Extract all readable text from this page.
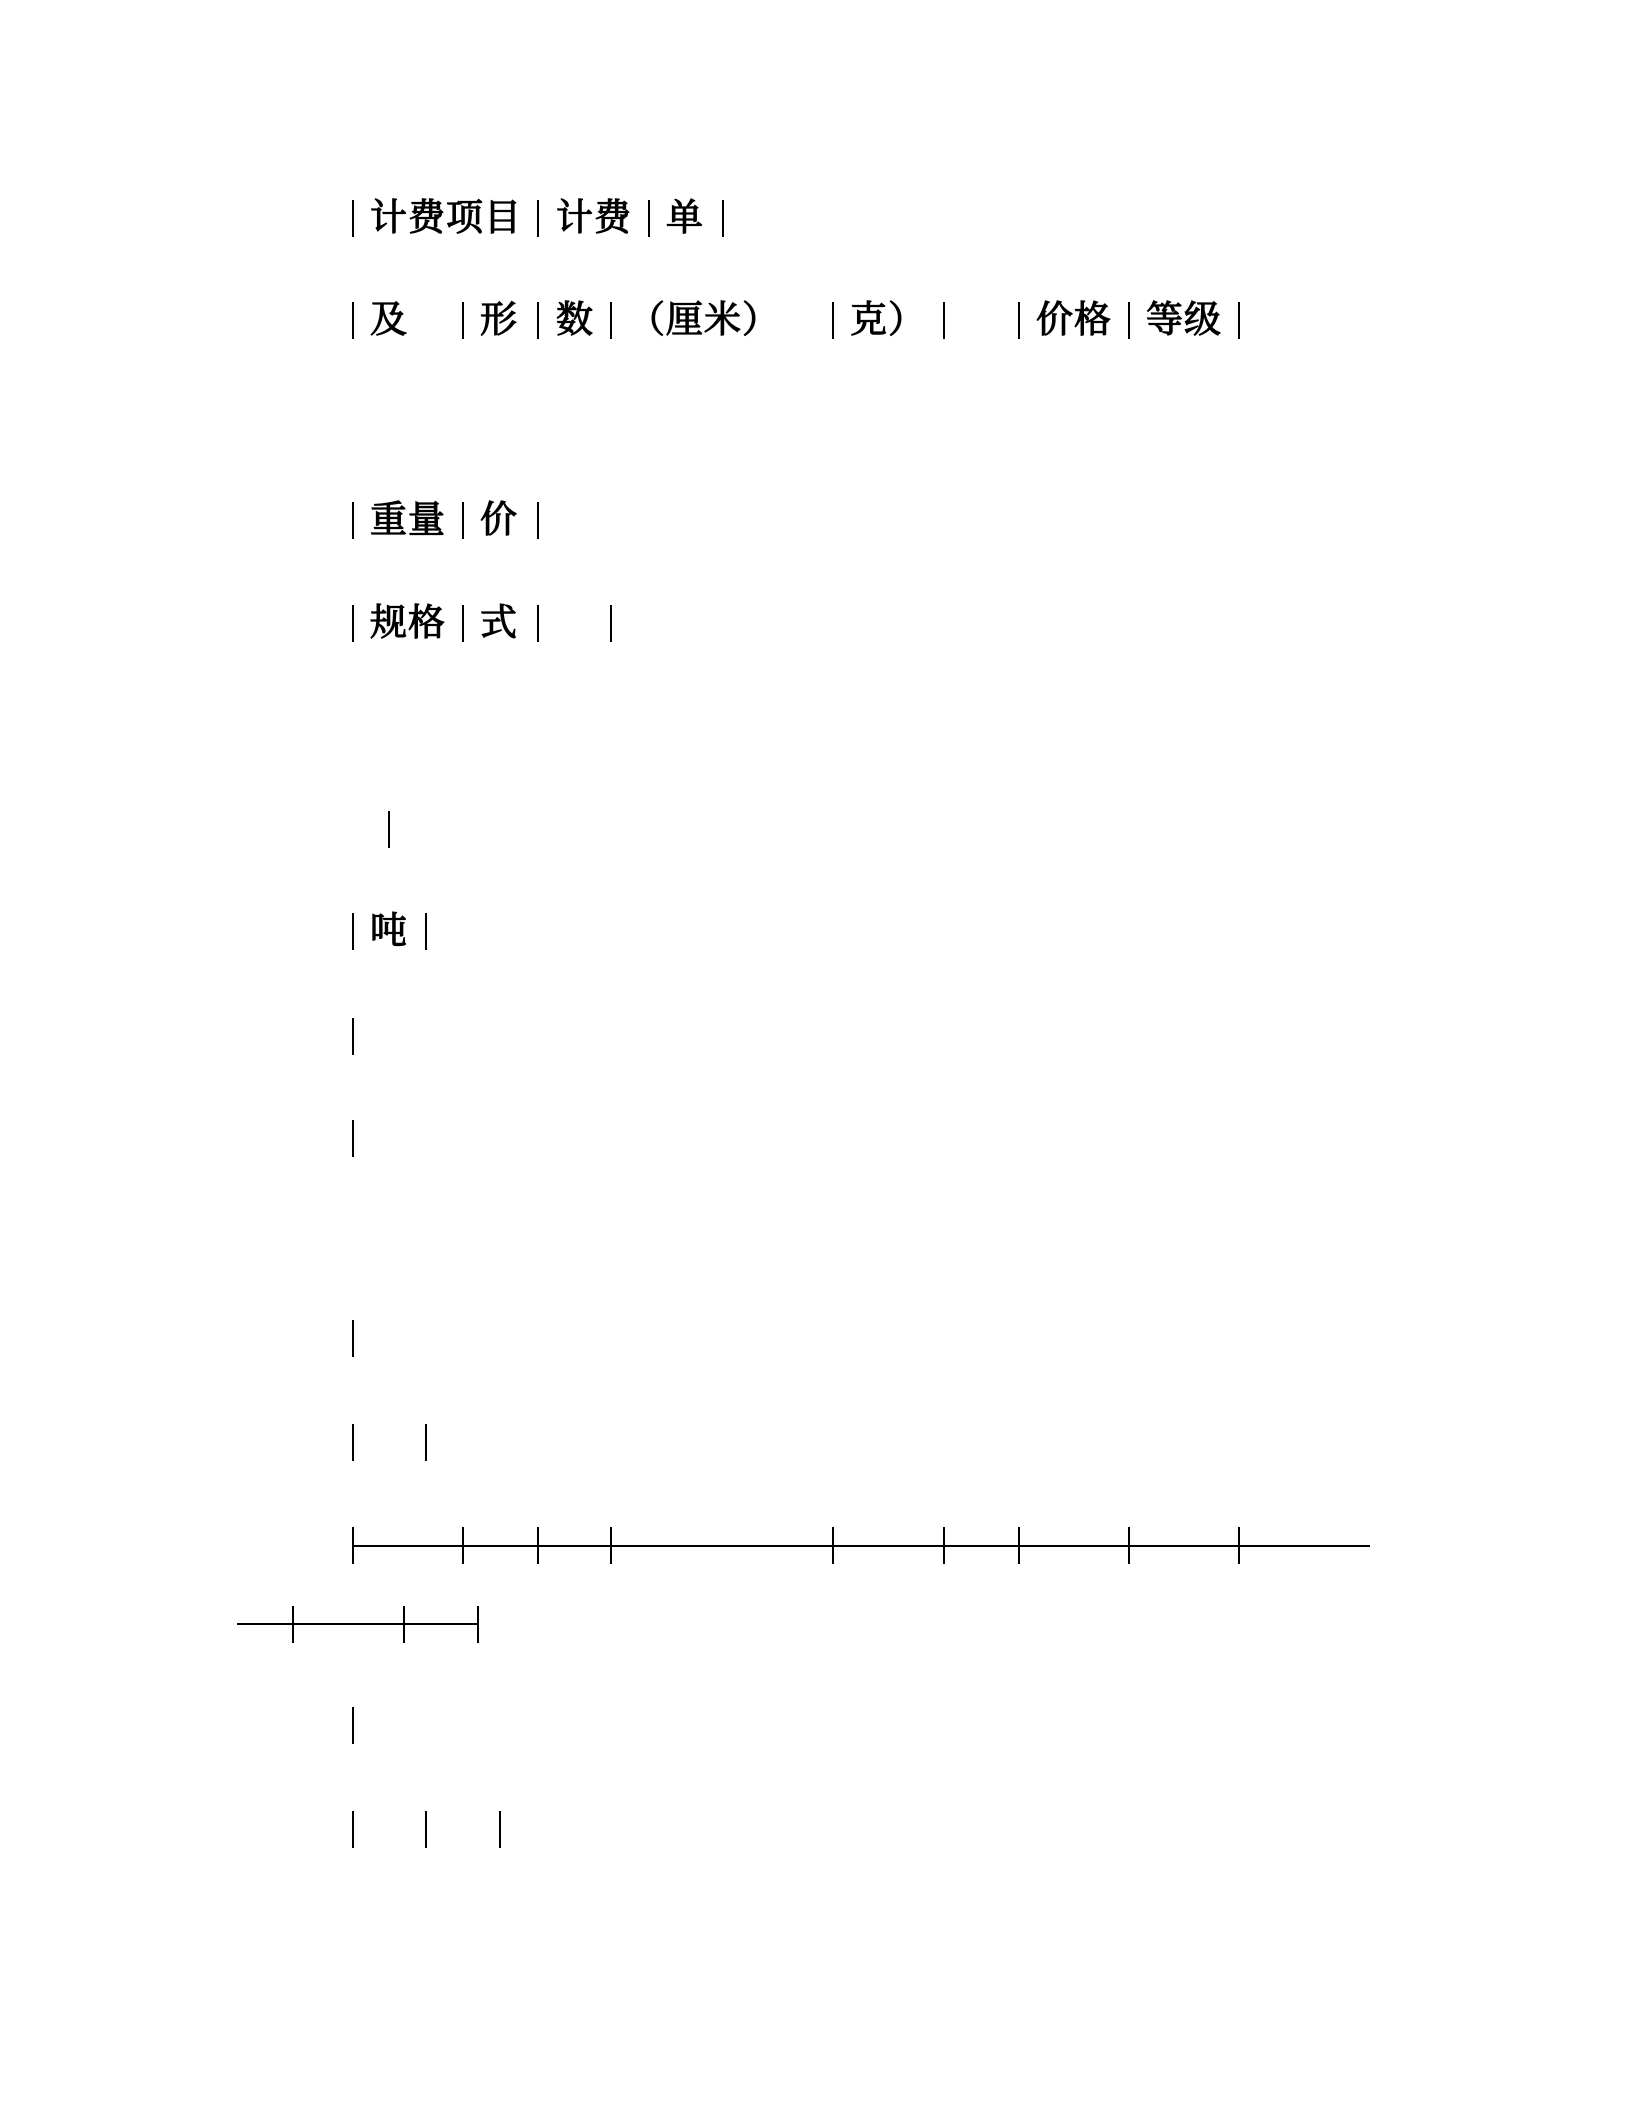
计费项目 计费 单
及 形 数 （厘米） 克）	价格 等级
重量 价
规格 式
吨
